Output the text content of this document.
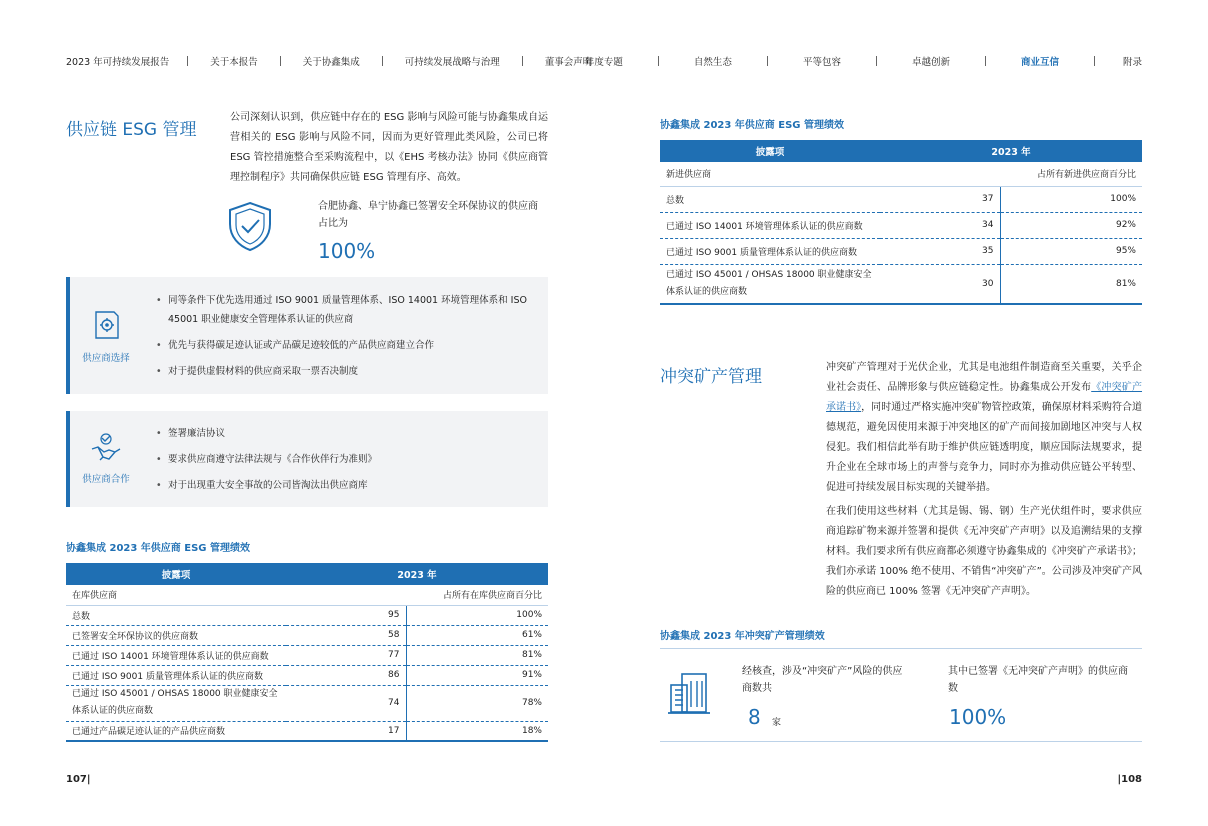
2023 年可持续发展报告	关于本报告	关于协鑫集成	可持续发展战略与治理	董事会声明
年度专题	自然生态	平等包容	卓越创新	商业互信	附录
供应链 ESG 管理
公司深刻认识到，供应链中存在的 ESG 影响与风险可能与协鑫集成自运营相关的 ESG 影响与风险不同，因而为更好管理此类风险，公司已将 ESG 管控措施整合至采购流程中，以《EHS 考核办法》协同《供应商管理控制程序》共同确保供应链 ESG 管理有序、高效。
合肥协鑫、阜宁协鑫已签署安全环保协议的供应商占比为
100%
供应商选择
• 同等条件下优先选用通过 ISO 9001 质量管理体系、ISO 14001 环境管理体系和 ISO 45001 职业健康安全管理体系认证的供应商
• 优先与获得碳足迹认证或产品碳足迹较低的产品供应商建立合作
• 对于提供虚假材料的供应商采取一票否决制度
供应商合作
• 签署廉洁协议
• 要求供应商遵守法律法规与《合作伙伴行为准则》
• 对于出现重大安全事故的公司皆淘汰出供应商库
协鑫集成 2023 年供应商 ESG 管理绩效
披露项	2023 年	
在库供应商		占所有在库供应商百分比
总数	95	100%
已签署安全环保协议的供应商数	58	61%
已通过 ISO 14001 环境管理体系认证的供应商数	77	81%
已通过 ISO 9001 质量管理体系认证的供应商数	86	91%
已通过 ISO 45001 / OHSAS 18000 职业健康安全体系认证的供应商数	74	78%
已通过产品碳足迹认证的产品供应商数	17	18%
107|
协鑫集成 2023 年供应商 ESG 管理绩效
披露项	2023 年	
新进供应商		占所有新进供应商百分比
总数	37	100%
已通过 ISO 14001 环境管理体系认证的供应商数	34	92%
已通过 ISO 9001 质量管理体系认证的供应商数	35	95%
已通过 ISO 45001 / OHSAS 18000 职业健康安全体系认证的供应商数	30	81%
冲突矿产管理	冲突矿产管理对于光伏企业，尤其是电池组件制造商至关重要，关乎企业社会责任、品牌形象与供应链稳定性。协鑫集成公开发布《冲突矿产承诺书》，同时通过严格实施冲突矿物管控政策，确保原材料采购符合道德规范，避免因使用来源于冲突地区的矿产而间接加剧地区冲突与人权侵犯。我们相信此举有助于维护供应链透明度，顺应国际法规要求，提升企业在全球市场上的声誉与竞争力，同时亦为推动供应链公平转型、促进可持续发展目标实现的关键举措。

在我们使用这些材料（尤其是锡、锡、钢）生产光伏组件时，要求供应商追踪矿物来源并签署和提供《无冲突矿产声明》以及追溯结果的支撑材料。我们要求所有供应商都必须遵守协鑫集成的《冲突矿产承诺书》；我们亦承诺 100% 绝不使用、不销售“冲突矿产”。公司涉及冲突矿产风险的供应商已 100% 签署《无冲突矿产声明》。

协鑫集成 2023 年冲突矿产管理绩效
经核查，涉及“冲突矿产”风险的供应商数共
8 家
其中已签署《无冲突矿产声明》的供应商数
100%
|108
